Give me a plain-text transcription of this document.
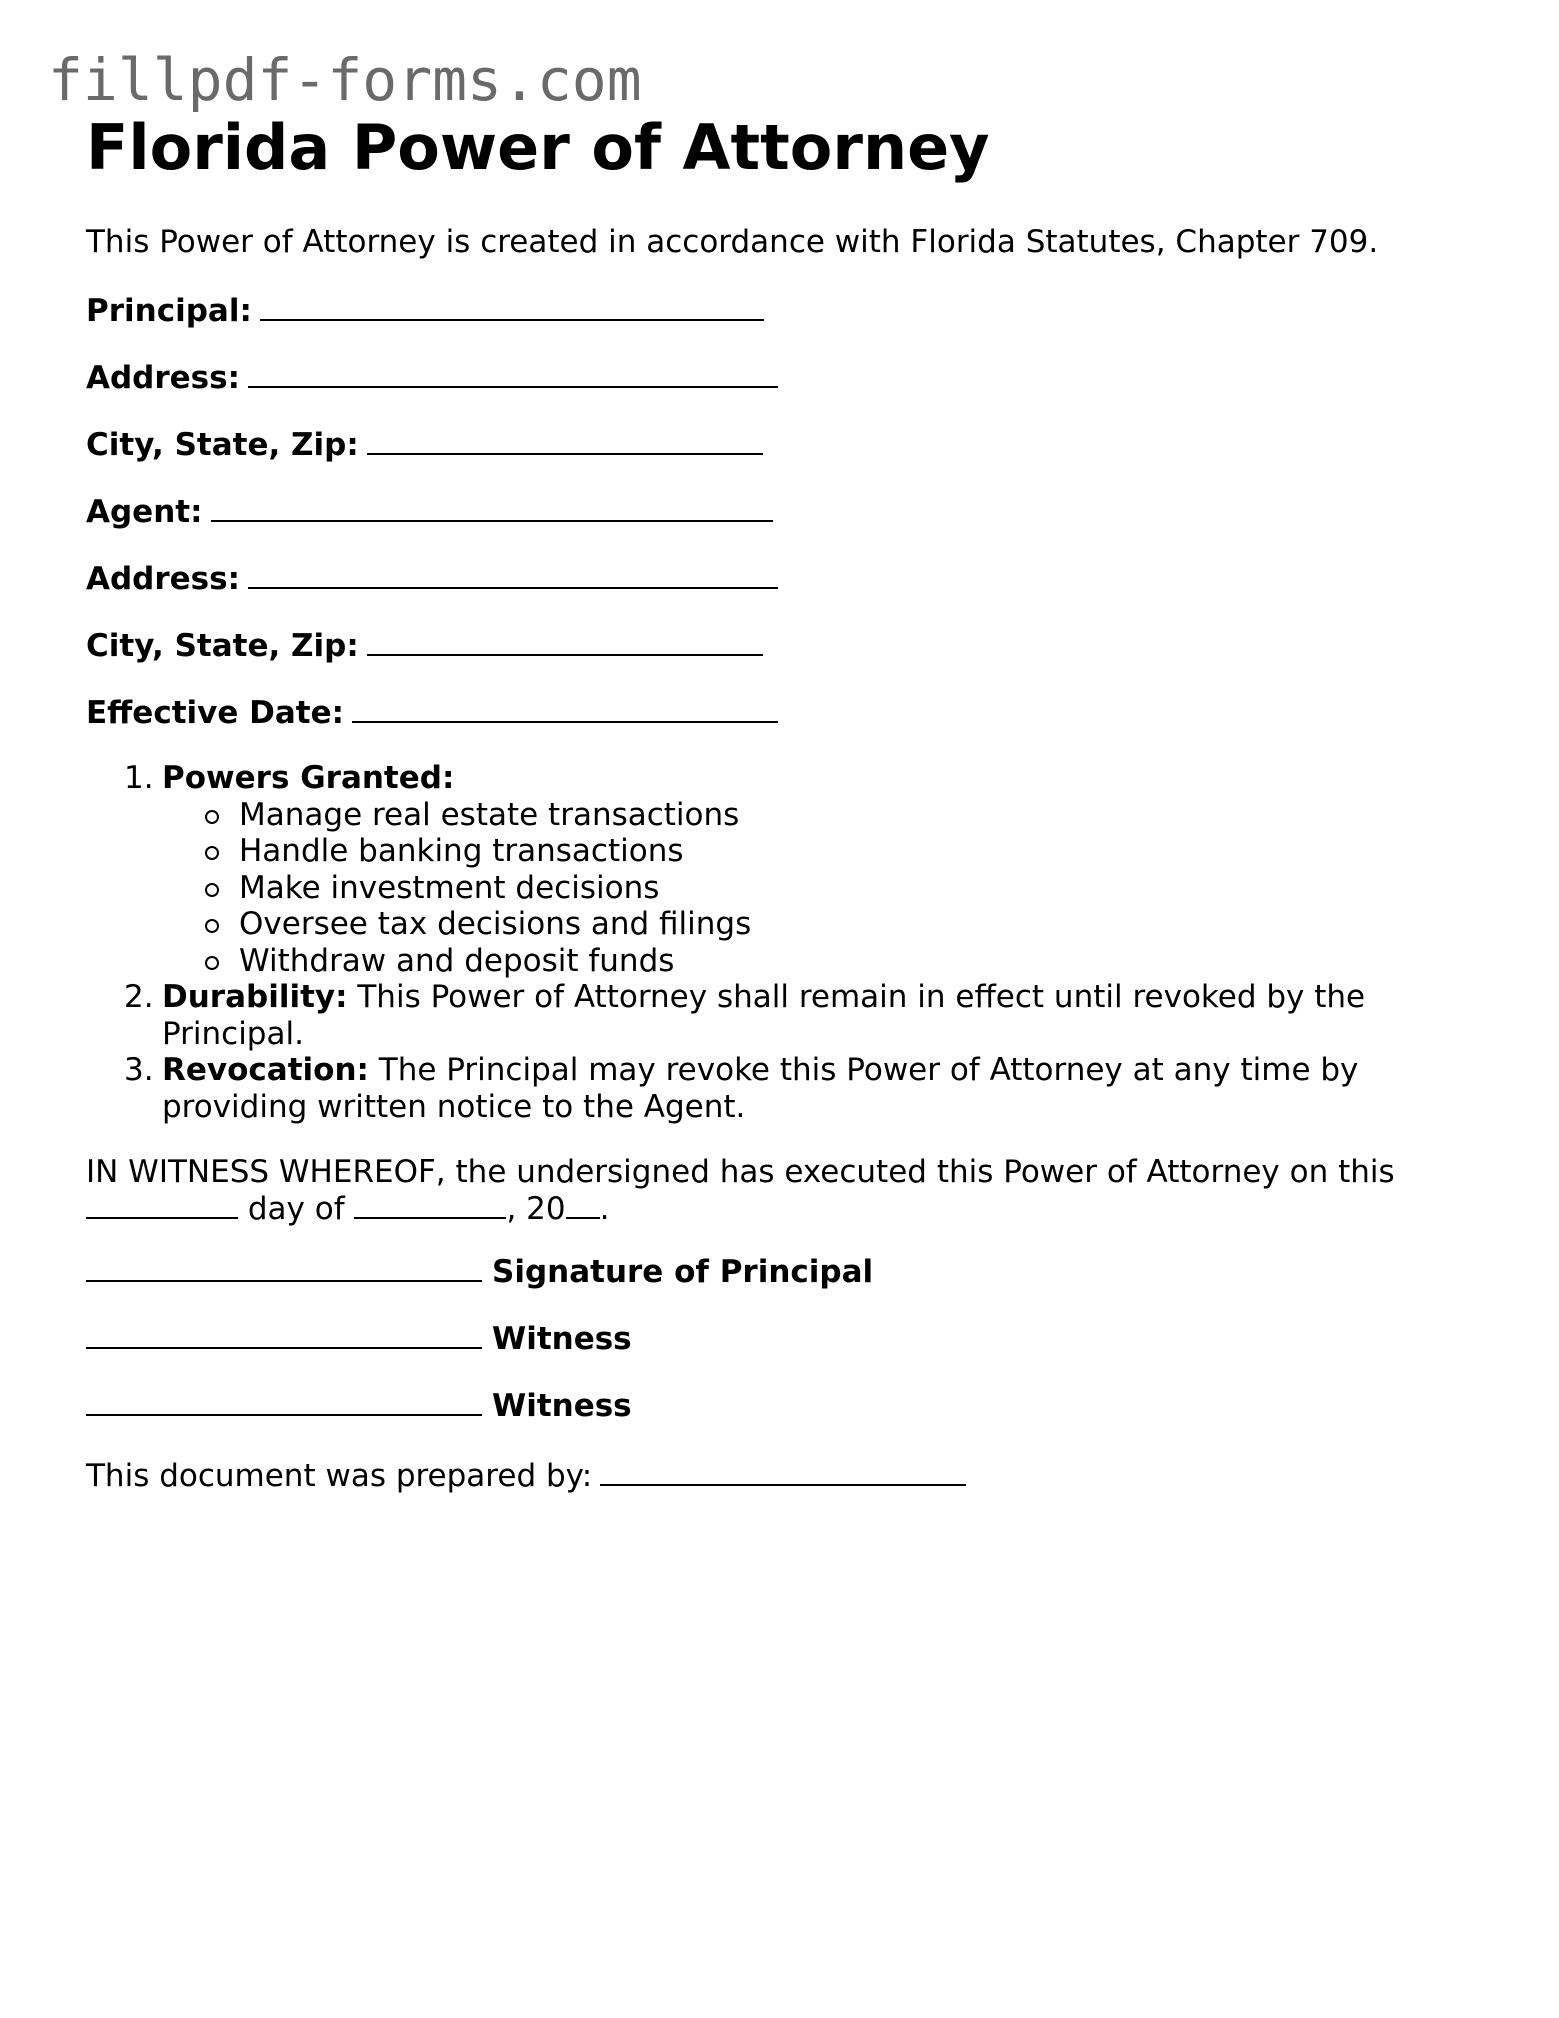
fillpdf-forms.com
Florida Power of Attorney
This Power of Attorney is created in accordance with Florida Statutes, Chapter 709.
Principal:
Address:
City, State, Zip:
Agent:
Address:
City, State, Zip:
Effective Date:
1. Powers Granted:
Manage real estate transactions
Handle banking transactions
Make investment decisions
Oversee tax decisions and filings
Withdraw and deposit funds
2. Durability: This Power of Attorney shall remain in effect until revoked by the Principal.
3. Revocation: The Principal may revoke this Power of Attorney at any time by providing written notice to the Agent.
IN WITNESS WHEREOF, the undersigned has executed this Power of Attorney on this
day of	, 20 .
Signature of Principal
Witness
Witness
This document was prepared by:
